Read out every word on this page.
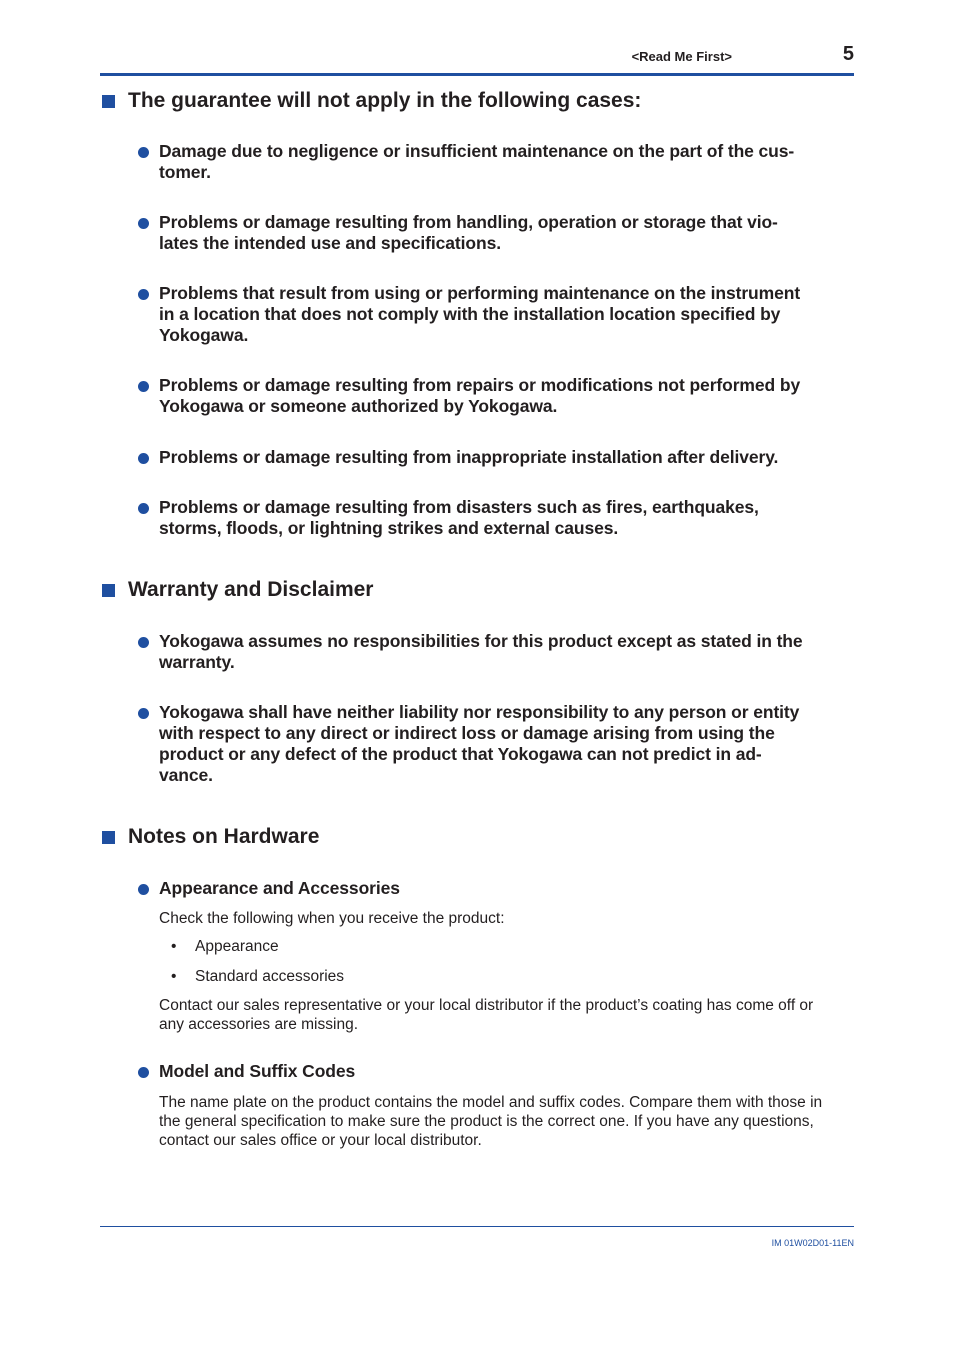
<Read Me First>	5
The guarantee will not apply in the following cases:
Damage due to negligence or insufficient maintenance on the part of the cus-
tomer.
Problems or damage resulting from handling, operation or storage that vio-
lates the intended use and specifications.
Problems that result from using or performing maintenance on the instrument
in a location that does not comply with the installation location specified by
Yokogawa.
Problems or damage resulting from repairs or modifications not performed by
Yokogawa or someone authorized by Yokogawa.
Problems or damage resulting from inappropriate installation after delivery.
Problems or damage resulting from disasters such as fires, earthquakes,
storms, floods, or lightning strikes and external causes.
Warranty and Disclaimer
Yokogawa assumes no responsibilities for this product except as stated in the
warranty.
Yokogawa shall have neither liability nor responsibility to any person or entity
with respect to any direct or indirect loss or damage arising from using the
product or any defect of the product that Yokogawa can not predict in ad-
vance.
Notes on Hardware
Appearance and Accessories
Check the following when you receive the product:
• Appearance
• Standard accessories
Contact our sales representative or your local distributor if the product’s coating has come off or
any accessories are missing.
Model and Suffix Codes
The name plate on the product contains the model and suffix codes. Compare them with those in
the general specification to make sure the product is the correct one. If you have any questions,
contact our sales office or your local distributor.
IM 01W02D01-11EN
